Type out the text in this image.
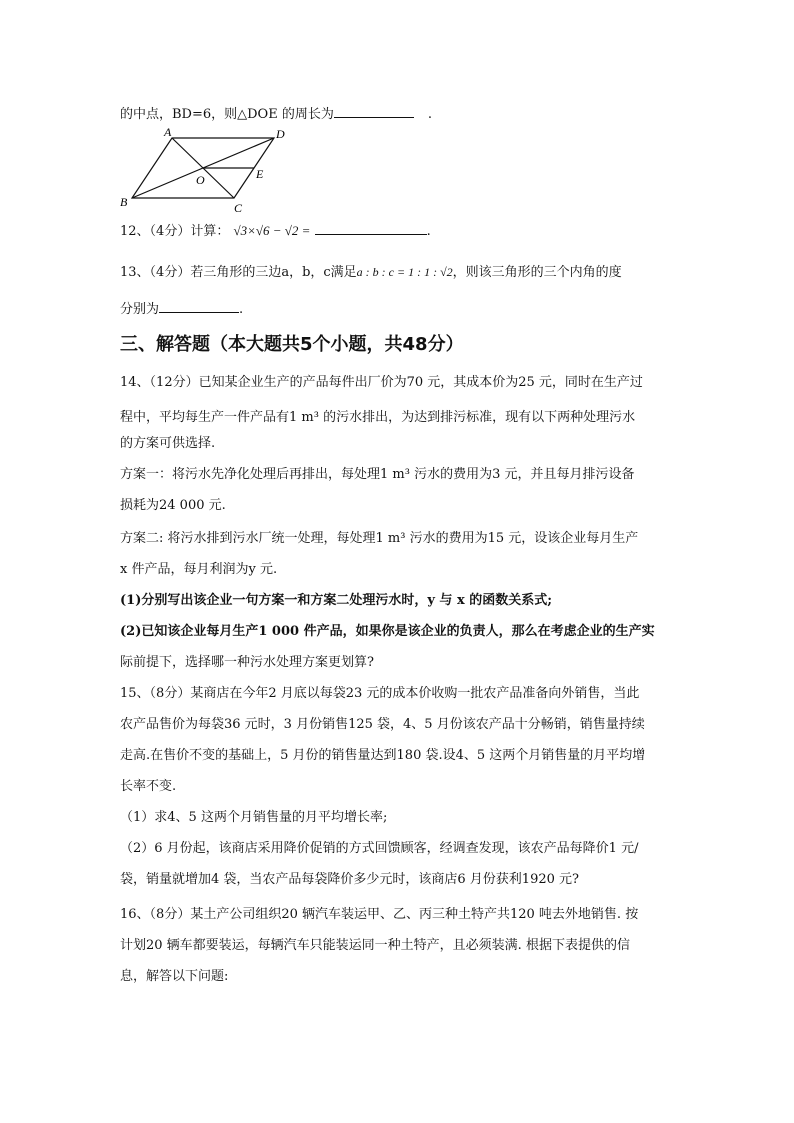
的中点，BD=6，则△DOE 的周长为	.
A	D
B	C
O	E
12、（4分）计算： √3×√6 − √2 =	.
13、（4分）若三角形的三边a，b，c满足a : b : c = 1 : 1 : √2，则该三角形的三个内角的度
分别为	.
三、解答题（本大题共5个小题，共48分）
14、（12分）已知某企业生产的产品每件出厂价为70 元，其成本价为25 元，同时在生产过
程中，平均每生产一件产品有1 m³ 的污水排出，为达到排污标准，现有以下两种处理污水
的方案可供选择.
方案一：将污水先净化处理后再排出，每处理1 m³ 污水的费用为3 元，并且每月排污设备
损耗为24 000 元.
方案二: 将污水排到污水厂统一处理，每处理1 m³ 污水的费用为15 元，设该企业每月生产
x 件产品，每月利润为y 元.
(1)分别写出该企业一句方案一和方案二处理污水时，y 与 x 的函数关系式;
(2)已知该企业每月生产1 000 件产品，如果你是该企业的负责人，那么在考虑企业的生产实
际前提下，选择哪一种污水处理方案更划算?
15、（8分）某商店在今年2 月底以每袋23 元的成本价收购一批农产品准备向外销售，当此
农产品售价为每袋36 元时，3 月份销售125 袋，4、5 月份该农产品十分畅销，销售量持续
走高.在售价不变的基础上，5 月份的销售量达到180 袋.设4、5 这两个月销售量的月平均增
长率不变.
（1）求4、5 这两个月销售量的月平均增长率;
（2）6 月份起，该商店采用降价促销的方式回馈顾客，经调查发现，该农产品每降价1 元/
袋，销量就增加4 袋，当农产品每袋降价多少元时，该商店6 月份获利1920 元?
16、（8分）某土产公司组织20 辆汽车装运甲、乙、丙三种土特产共120 吨去外地销售. 按
计划20 辆车都要装运，每辆汽车只能装运同一种土特产，且必须装满. 根据下表提供的信
息，解答以下问题:
